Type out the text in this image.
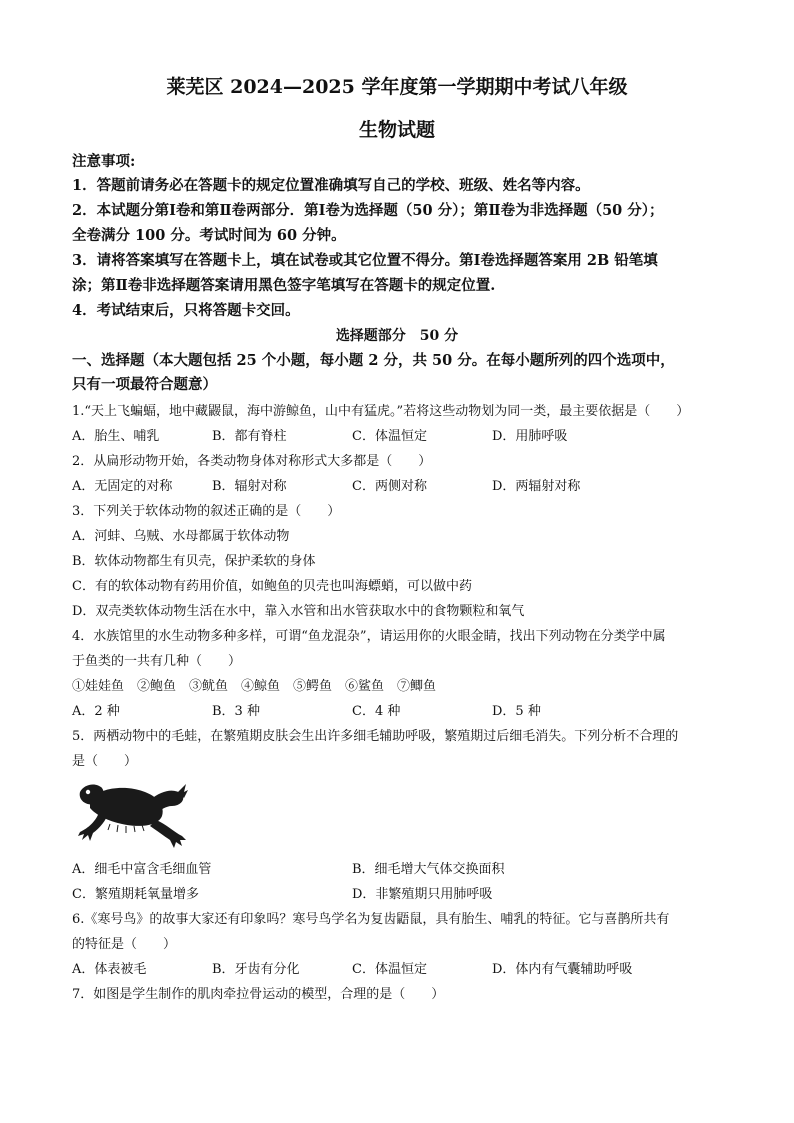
莱芜区 2024—2025 学年度第一学期期中考试八年级
生物试题
注意事项:
1．答题前请务必在答题卡的规定位置准确填写自己的学校、班级、姓名等内容。
2．本试题分第Ⅰ卷和第Ⅱ卷两部分．第Ⅰ卷为选择题（50 分）；第Ⅱ卷为非选择题（50 分）；
全卷满分 100 分。考试时间为 60 分钟。
3．请将答案填写在答题卡上，填在试卷或其它位置不得分。第Ⅰ卷选择题答案用 2B 铅笔填
涂；第Ⅱ卷非选择题答案请用黑色签字笔填写在答题卡的规定位置.
4．考试结束后，只将答题卡交回。
选择题部分　50 分
一、选择题（本大题包括 25 个小题，每小题 2 分，共 50 分。在每小题所列的四个选项中，
只有一项最符合题意）
1.“天上飞蝙蝠，地中藏鼹鼠，海中游鲸鱼，山中有猛虎。”若将这些动物划为同一类，最主要依据是（　　）
A．胎生、哺乳	B．都有脊柱	C．体温恒定	D．用肺呼吸
2．从扁形动物开始，各类动物身体对称形式大多都是（　　）
A．无固定的对称	B．辐射对称	C．两侧对称	D．两辐射对称
3．下列关于软体动物的叙述正确的是（　　）
A．河蚌、乌贼、水母都属于软体动物
B．软体动物都生有贝壳，保护柔软的身体
C．有的软体动物有药用价值，如鲍鱼的贝壳也叫海螵蛸，可以做中药
D．双壳类软体动物生活在水中，靠入水管和出水管获取水中的食物颗粒和氧气
4．水族馆里的水生动物多种多样，可谓“鱼龙混杂”，请运用你的火眼金睛，找出下列动物在分类学中属
于鱼类的一共有几种（　　）
①娃娃鱼　②鲍鱼　③鱿鱼　④鲸鱼　⑤鳄鱼　⑥鲨鱼　⑦鲫鱼
A．2 种	B．3 种	C．4 种	D．5 种
5．两栖动物中的毛蛙，在繁殖期皮肤会生出许多细毛辅助呼吸，繁殖期过后细毛消失。下列分析不合理的
是（　　）
A．细毛中富含毛细血管	B．细毛增大气体交换面积
C．繁殖期耗氧量增多	D．非繁殖期只用肺呼吸
6.《寒号鸟》的故事大家还有印象吗？寒号鸟学名为复齿鼯鼠，具有胎生、哺乳的特征。它与喜鹊所共有
的特征是（　　）
A．体表被毛	B．牙齿有分化	C．体温恒定	D．体内有气囊辅助呼吸
7．如图是学生制作的肌肉牵拉骨运动的模型，合理的是（　　）
